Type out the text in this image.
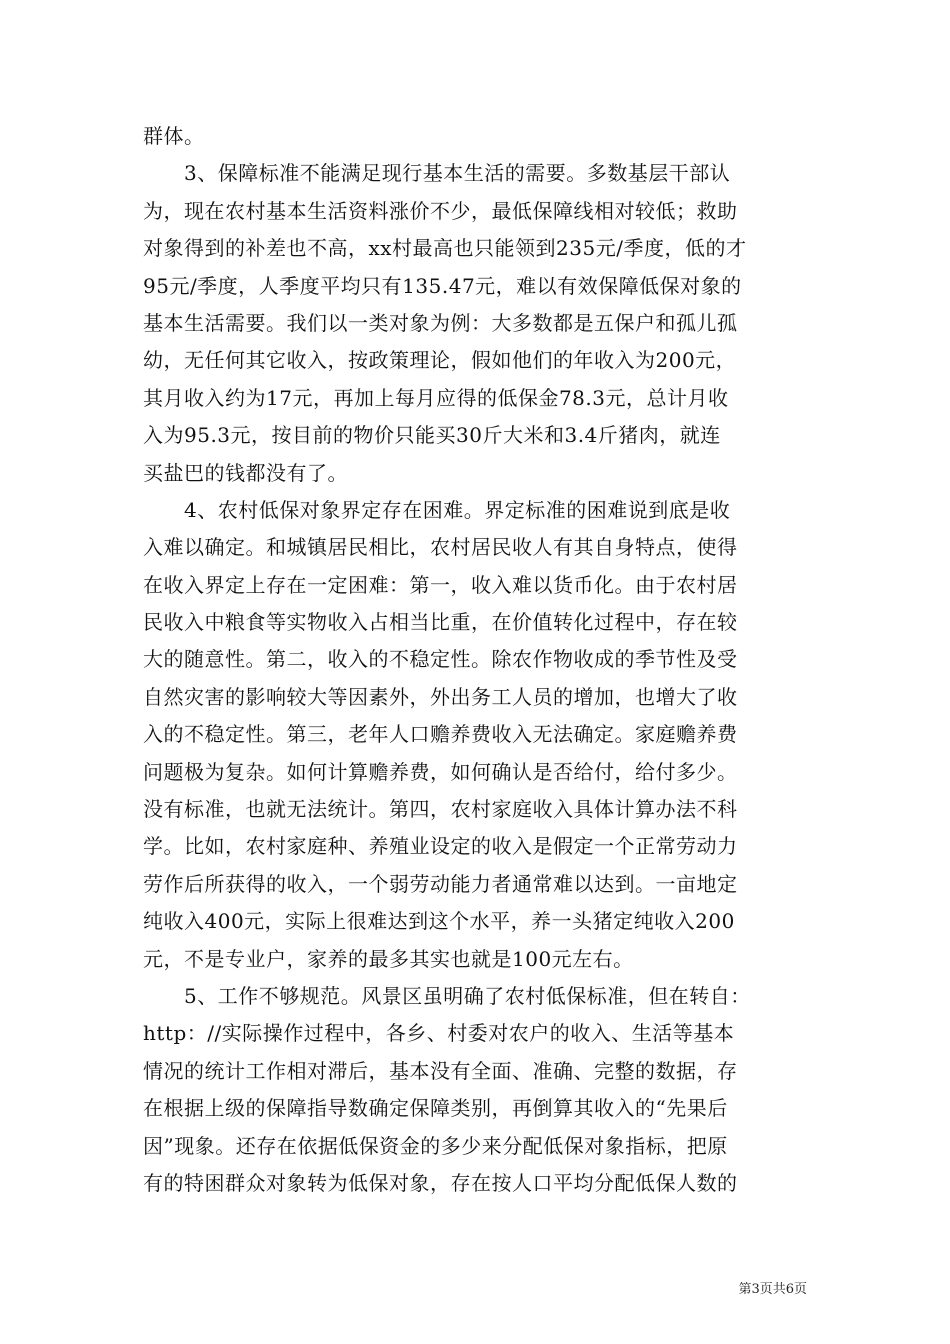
群体。
　　3、保障标准不能满足现行基本生活的需要。多数基层干部认
为，现在农村基本生活资料涨价不少，最低保障线相对较低；救助
对象得到的补差也不高，xx村最高也只能领到235元/季度，低的才
95元/季度，人季度平均只有135.47元，难以有效保障低保对象的
基本生活需要。我们以一类对象为例：大多数都是五保户和孤儿孤
幼，无任何其它收入，按政策理论，假如他们的年收入为200元，
其月收入约为17元，再加上每月应得的低保金78.3元，总计月收
入为95.3元，按目前的物价只能买30斤大米和3.4斤猪肉，就连
买盐巴的钱都没有了。
　　4、农村低保对象界定存在困难。界定标准的困难说到底是收
入难以确定。和城镇居民相比，农村居民收人有其自身特点，使得
在收入界定上存在一定困难：第一，收入难以货币化。由于农村居
民收入中粮食等实物收入占相当比重，在价值转化过程中，存在较
大的随意性。第二，收入的不稳定性。除农作物收成的季节性及受
自然灾害的影响较大等因素外，外出务工人员的增加，也增大了收
入的不稳定性。第三，老年人口赡养费收入无法确定。家庭赡养费
问题极为复杂。如何计算赡养费，如何确认是否给付，给付多少。
没有标准，也就无法统计。第四，农村家庭收入具体计算办法不科
学。比如，农村家庭种、养殖业设定的收入是假定一个正常劳动力
劳作后所获得的收入，一个弱劳动能力者通常难以达到。一亩地定
纯收入400元，实际上很难达到这个水平，养一头猪定纯收入200
元，不是专业户，家养的最多其实也就是100元左右。
　　5、工作不够规范。风景区虽明确了农村低保标准，但在转自：
http：//实际操作过程中，各乡、村委对农户的收入、生活等基本
情况的统计工作相对滞后，基本没有全面、准确、完整的数据，存
在根据上级的保障指导数确定保障类别，再倒算其收入的“先果后
因”现象。还存在依据低保资金的多少来分配低保对象指标，把原
有的特困群众对象转为低保对象，存在按人口平均分配低保人数的
第3页共6页
